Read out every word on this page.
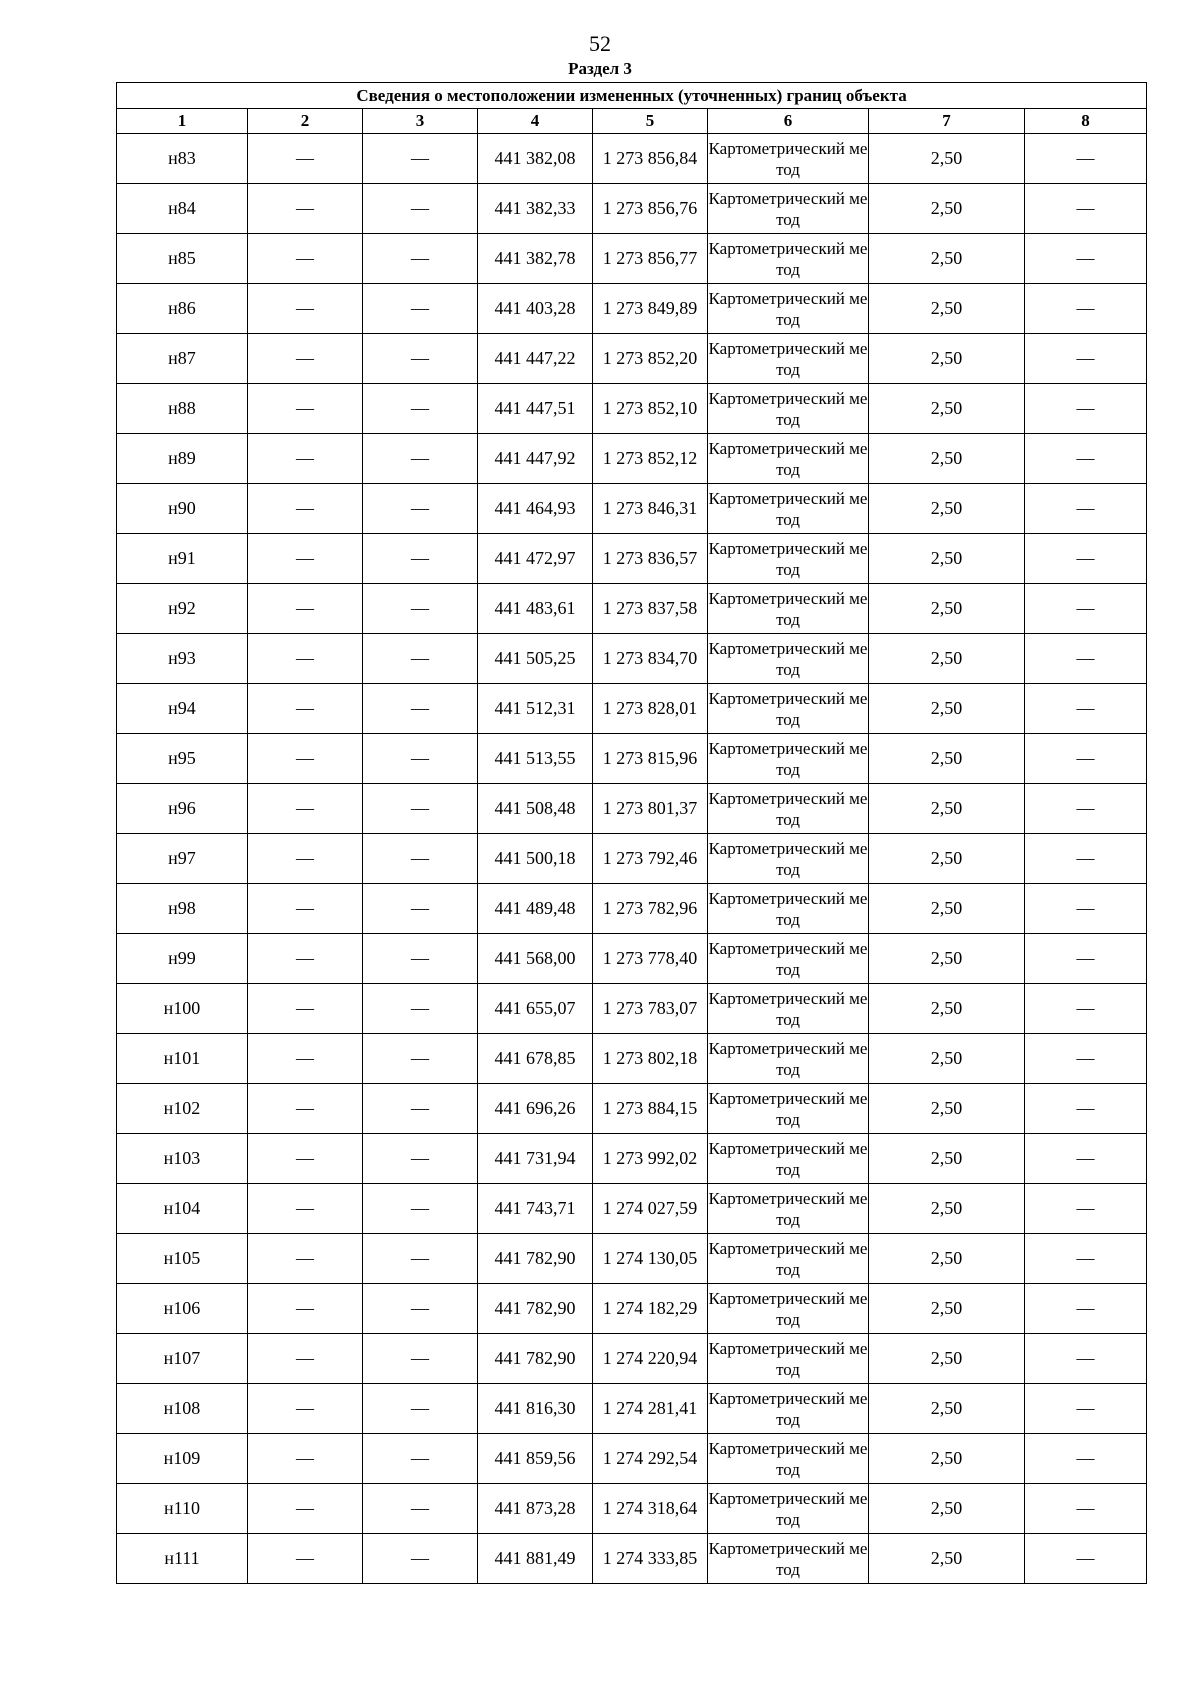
52
Раздел 3
Сведения о местоположении измененных (уточненных) границ объекта							
1	2	3	4	5	6	7	8
н83	—	—	441 382,08	1 273 856,84	Картометрический метод	2,50	—
н84	—	—	441 382,33	1 273 856,76	Картометрический метод	2,50	—
н85	—	—	441 382,78	1 273 856,77	Картометрический метод	2,50	—
н86	—	—	441 403,28	1 273 849,89	Картометрический метод	2,50	—
н87	—	—	441 447,22	1 273 852,20	Картометрический метод	2,50	—
н88	—	—	441 447,51	1 273 852,10	Картометрический метод	2,50	—
н89	—	—	441 447,92	1 273 852,12	Картометрический метод	2,50	—
н90	—	—	441 464,93	1 273 846,31	Картометрический метод	2,50	—
н91	—	—	441 472,97	1 273 836,57	Картометрический метод	2,50	—
н92	—	—	441 483,61	1 273 837,58	Картометрический метод	2,50	—
н93	—	—	441 505,25	1 273 834,70	Картометрический метод	2,50	—
н94	—	—	441 512,31	1 273 828,01	Картометрический метод	2,50	—
н95	—	—	441 513,55	1 273 815,96	Картометрический метод	2,50	—
н96	—	—	441 508,48	1 273 801,37	Картометрический метод	2,50	—
н97	—	—	441 500,18	1 273 792,46	Картометрический метод	2,50	—
н98	—	—	441 489,48	1 273 782,96	Картометрический метод	2,50	—
н99	—	—	441 568,00	1 273 778,40	Картометрический метод	2,50	—
н100	—	—	441 655,07	1 273 783,07	Картометрический метод	2,50	—
н101	—	—	441 678,85	1 273 802,18	Картометрический метод	2,50	—
н102	—	—	441 696,26	1 273 884,15	Картометрический метод	2,50	—
н103	—	—	441 731,94	1 273 992,02	Картометрический метод	2,50	—
н104	—	—	441 743,71	1 274 027,59	Картометрический метод	2,50	—
н105	—	—	441 782,90	1 274 130,05	Картометрический метод	2,50	—
н106	—	—	441 782,90	1 274 182,29	Картометрический метод	2,50	—
н107	—	—	441 782,90	1 274 220,94	Картометрический метод	2,50	—
н108	—	—	441 816,30	1 274 281,41	Картометрический метод	2,50	—
н109	—	—	441 859,56	1 274 292,54	Картометрический метод	2,50	—
н110	—	—	441 873,28	1 274 318,64	Картометрический метод	2,50	—
н111	—	—	441 881,49	1 274 333,85	Картометрический метод	2,50	—
